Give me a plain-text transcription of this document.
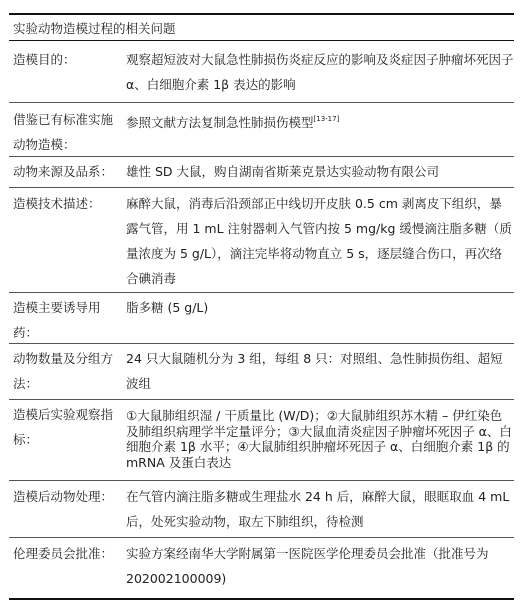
实验动物造模过程的相关问题
造模目的：	观察超短波对大鼠急性肺损伤炎症反应的影响及炎症因子肿瘤坏死因子 α、白细胞介素 1β 表达的影响
借鉴已有标准实施动物造模：
参照文献方法复制急性肺损伤模型[13-17]
动物来源及品系：	雄性 SD 大鼠，购自湖南省斯莱克景达实验动物有限公司
造模技术描述：	麻醉大鼠，消毒后沿颈部正中线切开皮肤 0.5 cm 剥离皮下组织，暴露气管，用 1 mL 注射器刺入气管内按 5 mg/kg 缓慢滴注脂多糖（质量浓度为 5 g/L），滴注完毕将动物直立 5 s，逐层缝合伤口，再次络合碘消毒
造模主要诱导用药：
脂多糖 (5 g/L)
动物数量及分组方法：
24 只大鼠随机分为 3 组，每组 8 只：对照组、急性肺损伤组、超短波组
造模后实验观察指标：
①大鼠肺组织湿 / 干质量比 (W/D)；②大鼠肺组织苏木精 – 伊红染色及肺组织病理学半定量评分；③大鼠血清炎症因子肿瘤坏死因子 α、白细胞介素 1β 水平；④大鼠肺组织肿瘤坏死因子 α、白细胞介素 1β 的 mRNA 及蛋白表达
造模后动物处理：	在气管内滴注脂多糖或生理盐水 24 h 后，麻醉大鼠，眼眶取血 4 mL 后，处死实验动物，取左下肺组织，待检测
伦理委员会批准：	实验方案经南华大学附属第一医院医学伦理委员会批准（批准号为 202002100009)
